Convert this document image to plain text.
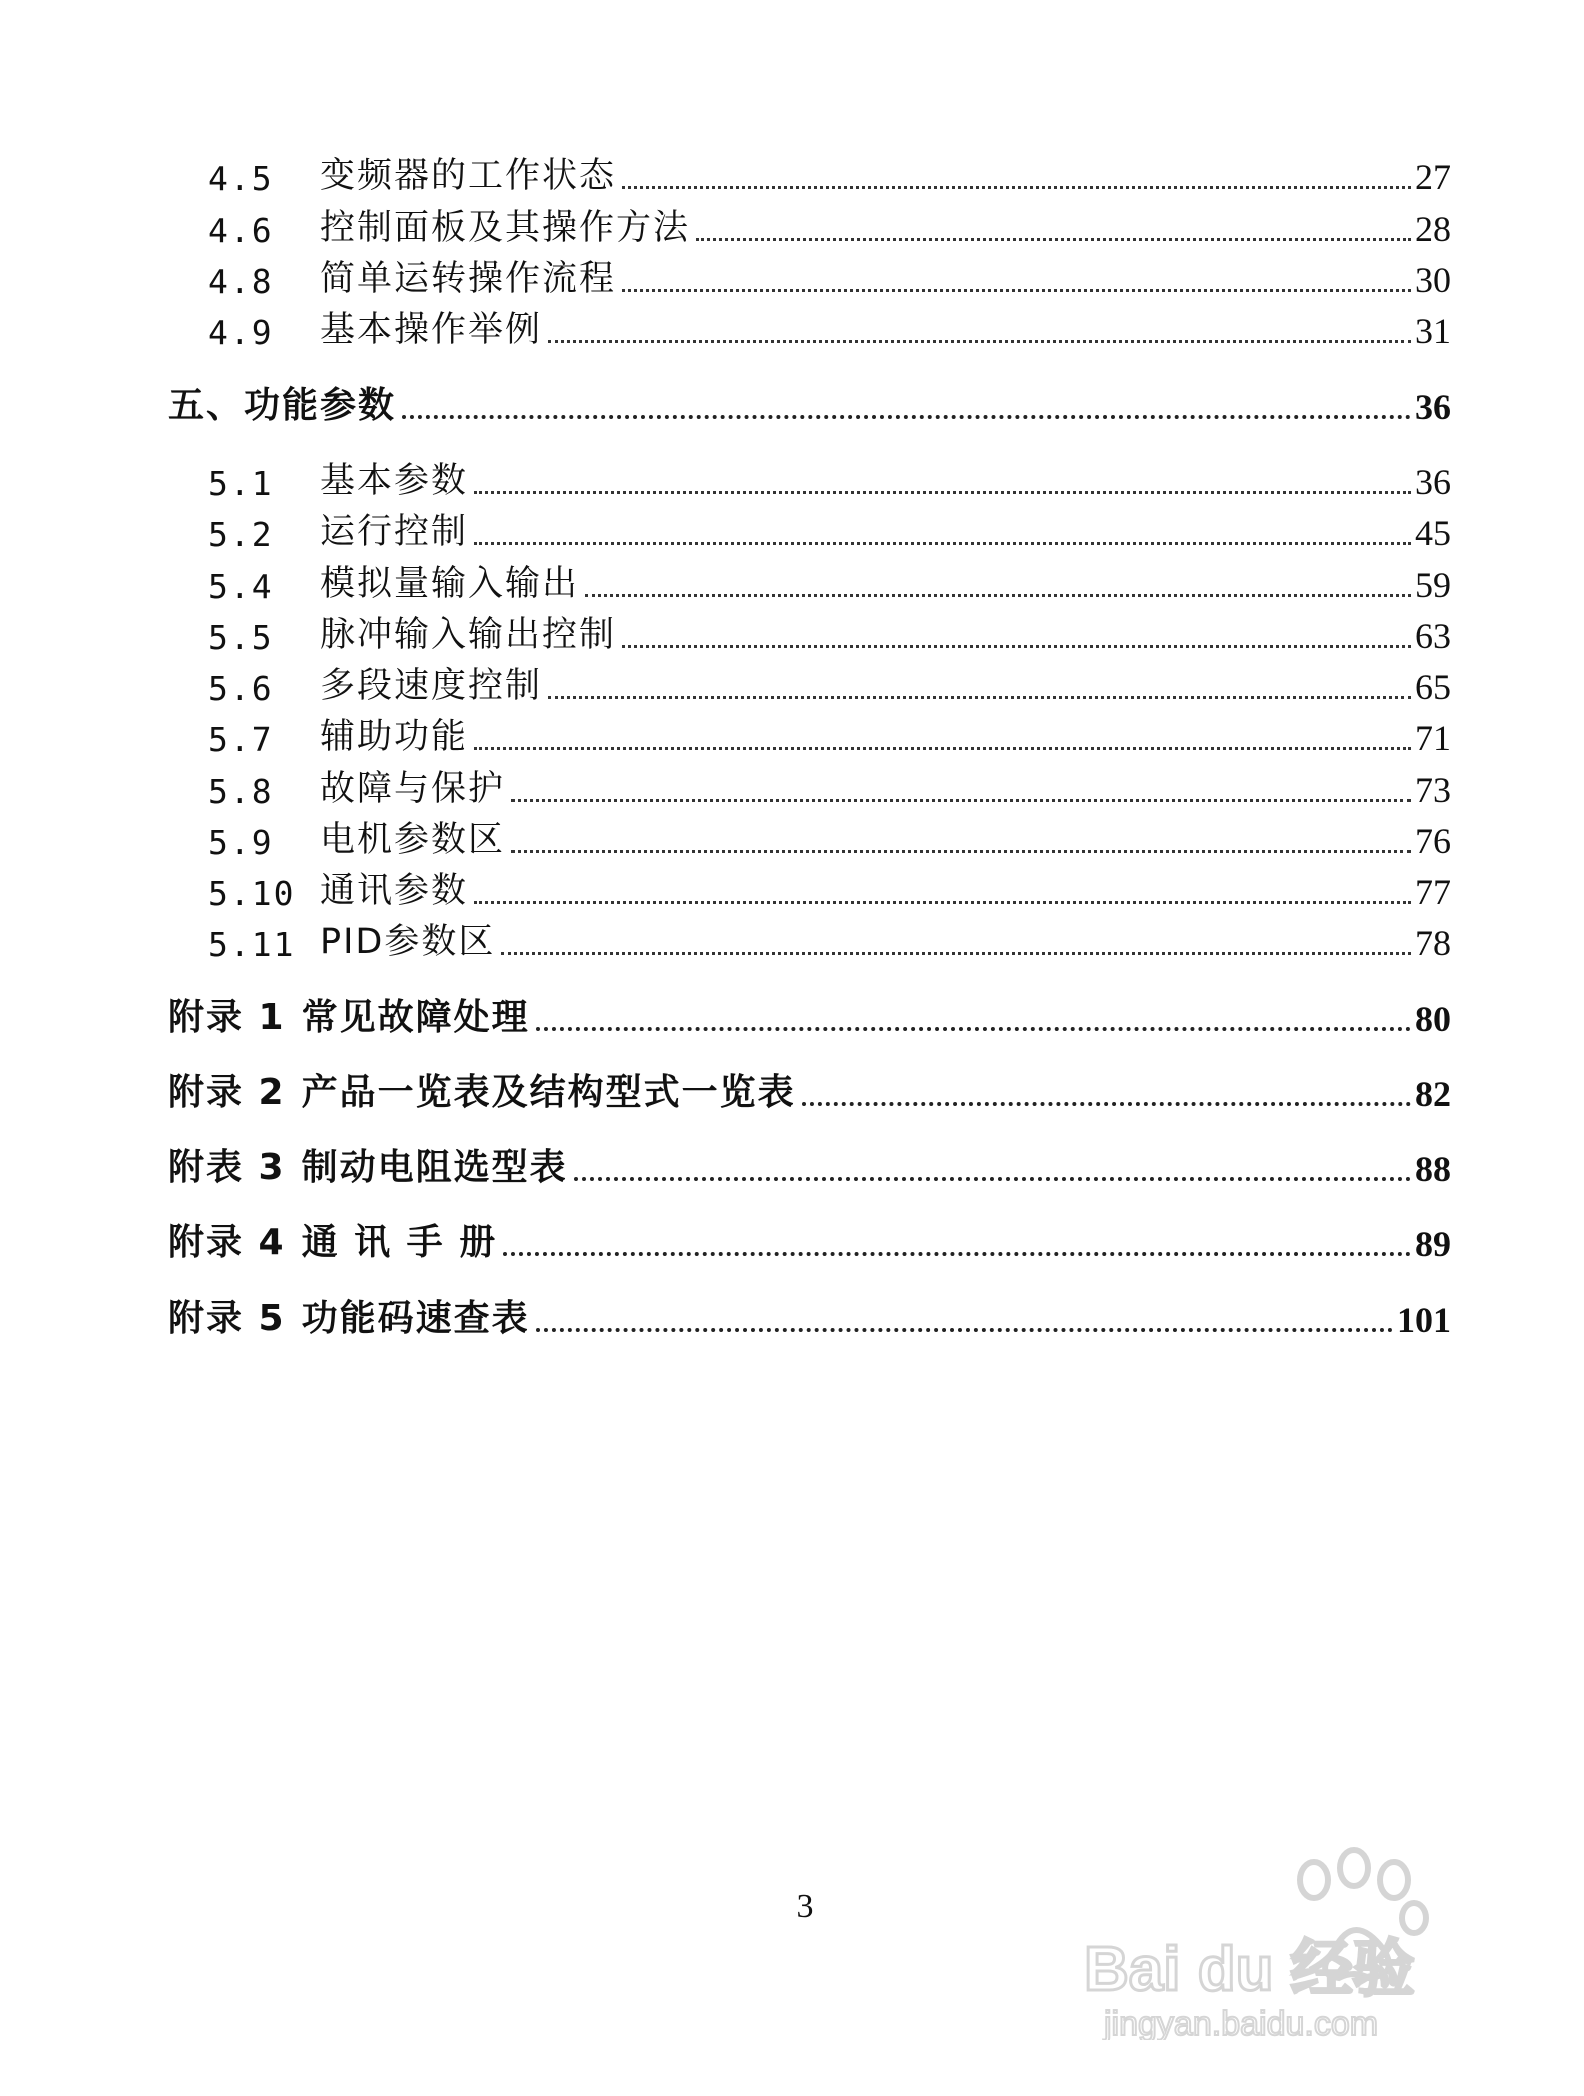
4.5	变频器的工作状态	27
4.6	控制面板及其操作方法	28
4.8	简单运转操作流程	30
4.9	基本操作举例	31
五、功能参数	36
5.1	基本参数	36
5.2	运行控制	45
5.4	模拟量输入输出	59
5.5	脉冲输入输出控制	63
5.6	多段速度控制	65
5.7	辅助功能	71
5.8	故障与保护	73
5.9	电机参数区	76
5.10 通讯参数	77
5.11 PID参数区	78
附录 1 常见故障处理	80
附录 2 产品一览表及结构型式一览表	82
附表 3 制动电阻选型表	88
附录 4 通 讯 手 册	89
附录 5 功能码速查表	101
3
Bai du 经验
jingyan.baidu.com
